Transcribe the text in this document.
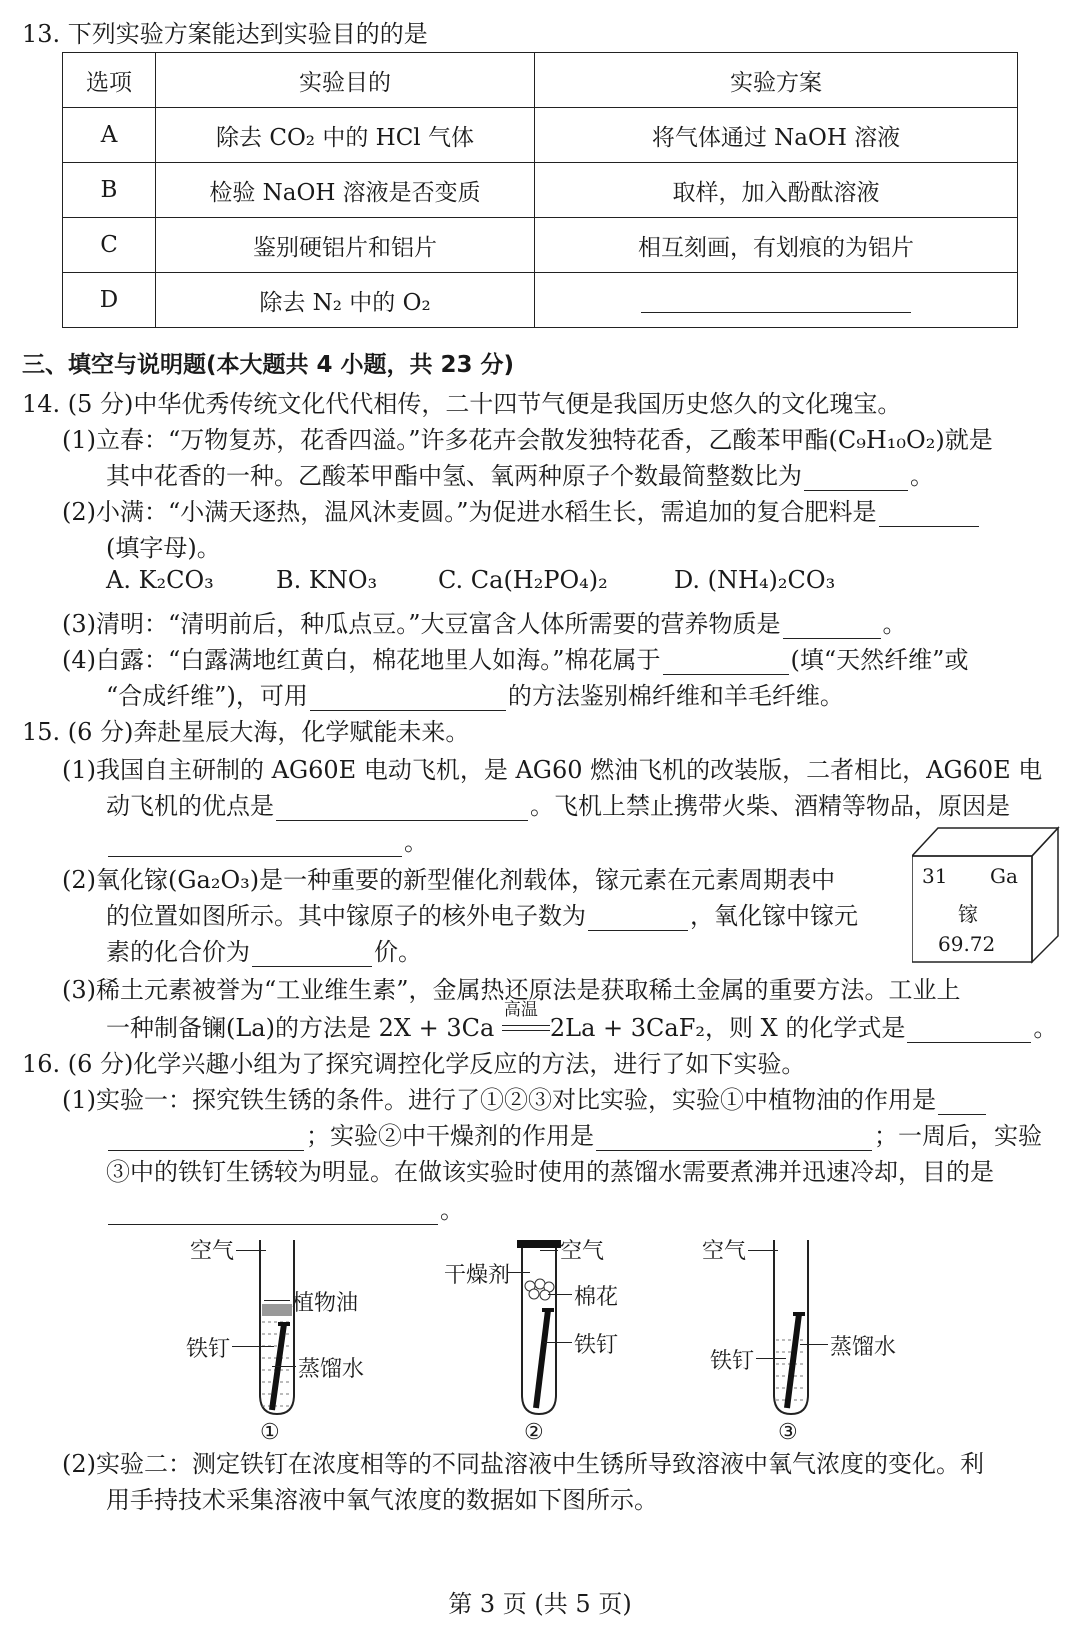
13. 下列实验方案能达到实验目的的是
选项	实验目的	实验方案
A	除去 CO₂ 中的 HCl 气体	将气体通过 NaOH 溶液
B	检验 NaOH 溶液是否变质	取样，加入酚酞溶液
C	鉴别硬铝片和铝片	相互刻画，有划痕的为铝片
D	除去 N₂ 中的 O₂	
三、填空与说明题(本大题共 4 小题，共 23 分)
14. (5 分)中华优秀传统文化代代相传，二十四节气便是我国历史悠久的文化瑰宝。
(1)立春：“万物复苏，花香四溢。”许多花卉会散发独特花香，乙酸苯甲酯(C₉H₁₀O₂)就是
其中花香的一种。乙酸苯甲酯中氢、氧两种原子个数最简整数比为	。
(2)小满：“小满天逐热，温风沐麦圆。”为促进水稻生长，需追加的复合肥料是
(填字母)。
A. K₂CO₃	B. KNO₃	C. Ca(H₂PO₄)₂	D. (NH₄)₂CO₃
(3)清明：“清明前后，种瓜点豆。”大豆富含人体所需要的营养物质是	。
(4)白露：“白露满地红黄白，棉花地里人如海。”棉花属于	(填“天然纤维”或
“合成纤维”)，可用	的方法鉴别棉纤维和羊毛纤维。
15. (6 分)奔赴星辰大海，化学赋能未来。
(1)我国自主研制的 AG60E 电动飞机，是 AG60 燃油飞机的改装版，二者相比，AG60E 电
动飞机的优点是	。飞机上禁止携带火柴、酒精等物品，原因是
。
(2)氧化镓(Ga₂O₃)是一种重要的新型催化剂载体，镓元素在元素周期表中
的位置如图所示。其中镓原子的核外电子数为	，氧化镓中镓元
素的化合价为	价。
31 Ga
镓
69.72
(3)稀土元素被誉为“工业维生素”，金属热还原法是获取稀土金属的重要方法。工业上
一种制备镧(La)的方法是 2X + 3Ca
高温
2La + 3CaF₂，则 X 的化学式是	。
16. (6 分)化学兴趣小组为了探究调控化学反应的方法，进行了如下实验。
(1)实验一：探究铁生锈的条件。进行了①②③对比实验，实验①中植物油的作用是
；实验②中干燥剂的作用是	；一周后，实验
③中的铁钉生锈较为明显。在做该实验时使用的蒸馏水需要煮沸并迅速冷却，目的是
。
空气
植物油
铁钉
蒸馏水
①
干燥剂
空气
棉花
铁钉
②
空气
铁钉
蒸馏水
③
(2)实验二：测定铁钉在浓度相等的不同盐溶液中生锈所导致溶液中氧气浓度的变化。利
用手持技术采集溶液中氧气浓度的数据如下图所示。
第 3 页 (共 5 页)
